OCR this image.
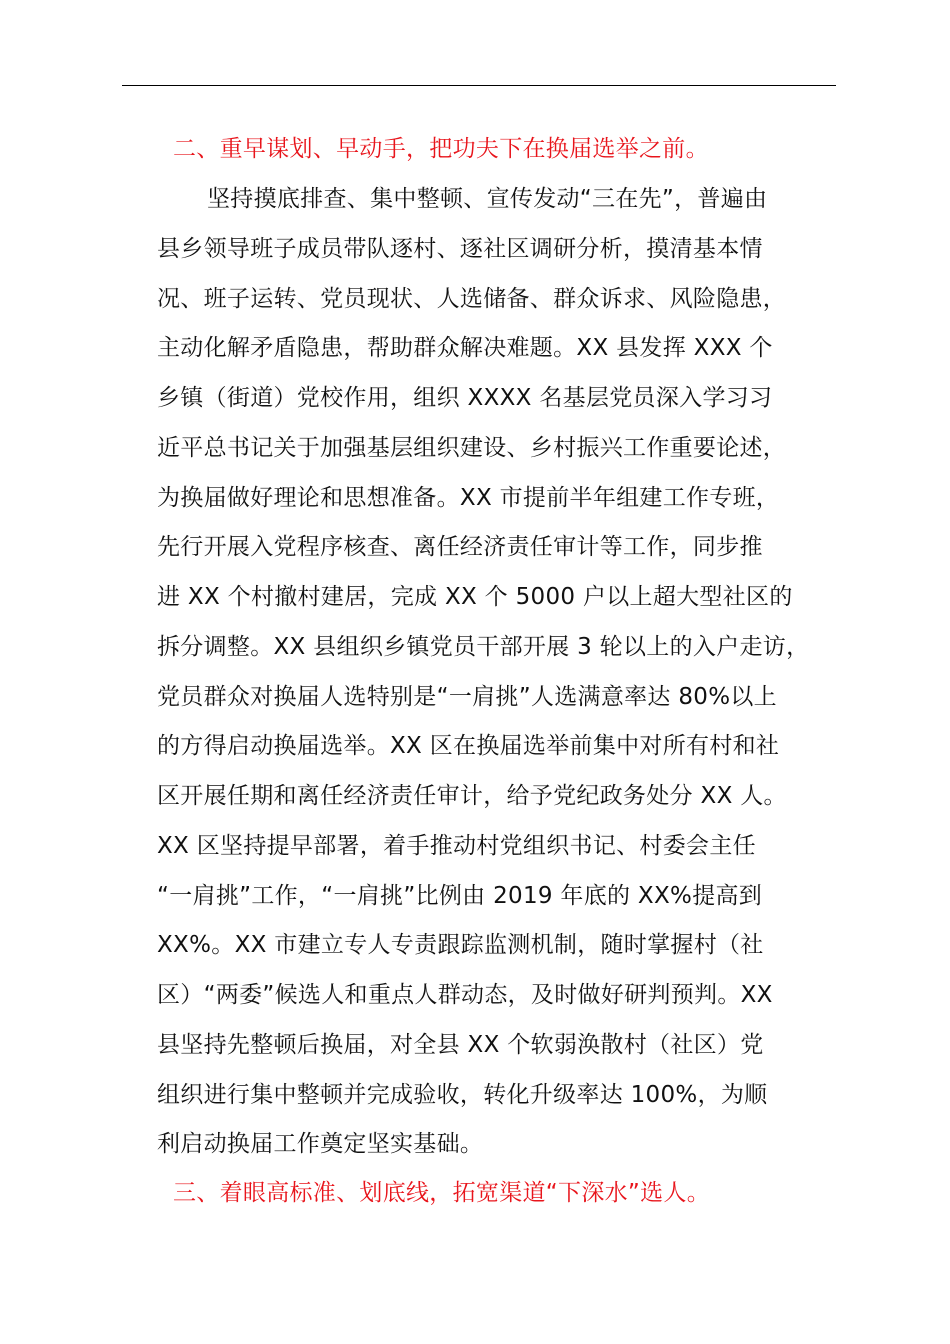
二、重早谋划、早动手，把功夫下在换届选举之前。
坚持摸底排查、集中整顿、宣传发动“三在先”，普遍由
县乡领导班子成员带队逐村、逐社区调研分析，摸清基本情
况、班子运转、党员现状、人选储备、群众诉求、风险隐患，
主动化解矛盾隐患，帮助群众解决难题。XX 县发挥 XXX 个
乡镇（街道）党校作用，组织 XXXX 名基层党员深入学习习
近平总书记关于加强基层组织建设、乡村振兴工作重要论述，
为换届做好理论和思想准备。XX 市提前半年组建工作专班，
先行开展入党程序核查、离任经济责任审计等工作，同步推
进 XX 个村撤村建居，完成 XX 个 5000 户以上超大型社区的
拆分调整。XX 县组织乡镇党员干部开展 3 轮以上的入户走访，
党员群众对换届人选特别是“一肩挑”人选满意率达 80%以上
的方得启动换届选举。XX 区在换届选举前集中对所有村和社
区开展任期和离任经济责任审计，给予党纪政务处分 XX 人。
XX 区坚持提早部署，着手推动村党组织书记、村委会主任
“一肩挑”工作，“一肩挑”比例由 2019 年底的 XX%提高到
XX%。XX 市建立专人专责跟踪监测机制，随时掌握村（社
区）“两委”候选人和重点人群动态，及时做好研判预判。XX
县坚持先整顿后换届，对全县 XX 个软弱涣散村（社区）党
组织进行集中整顿并完成验收，转化升级率达 100%，为顺
利启动换届工作奠定坚实基础。
三、着眼高标准、划底线，拓宽渠道“下深水”选人。
